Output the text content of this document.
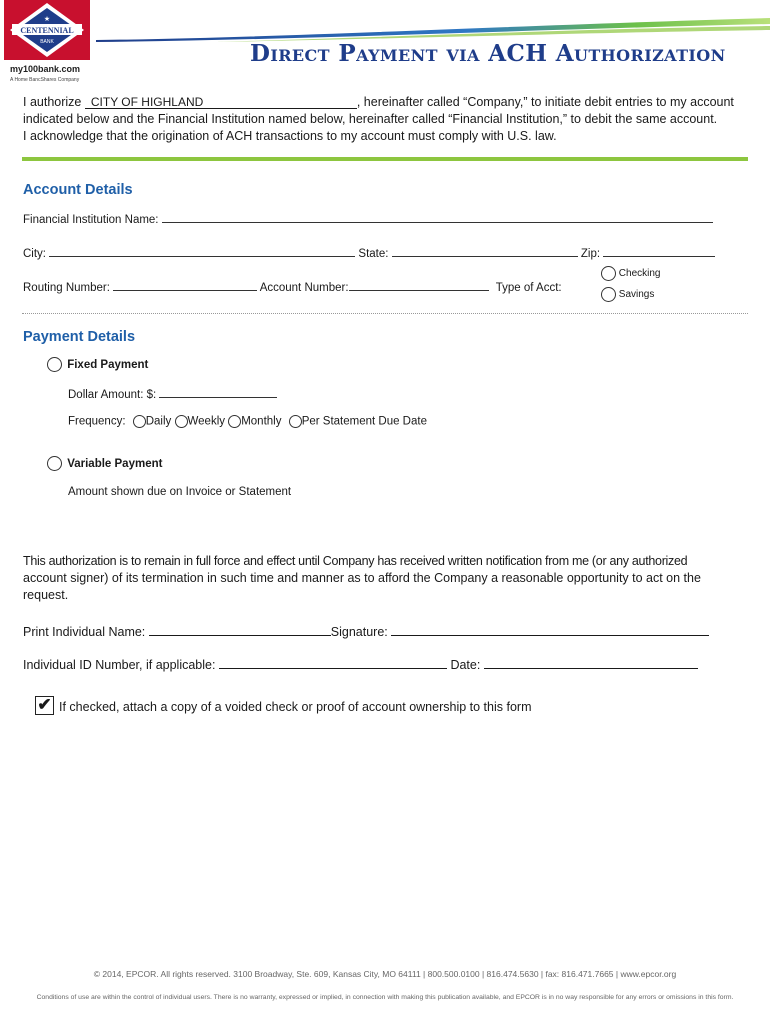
★
CENTENNIAL
BANK
my100bank.com
A Home BancShares Company
Direct Payment via ACH Authorization
I authorize CITY OF HIGHLAND	, hereinafter called “Company,” to initiate debit entries to my account
indicated below and the Financial Institution named below, hereinafter called “Financial Institution,” to debit the same account.
I acknowledge that the origination of ACH transactions to my account must comply with U.S. law.
Account Details
Financial Institution Name:
City:	State:	Zip:
Routing Number:	Account Number:	Type of Acct:
Checking
Savings
Payment Details
Fixed Payment
Dollar Amount: $:
Frequency: Daily Weekly Monthly Per Statement Due Date
Variable Payment
Amount shown due on Invoice or Statement
This authorization is to remain in full force and effect until Company has received written notification from me (or any authorized
account signer) of its termination in such time and manner as to afford the Company a reasonable opportunity to act on the
request.
Print Individual Name:	Signature:
Individual ID Number, if applicable:	Date:
✔ If checked, attach a copy of a voided check or proof of account ownership to this form
© 2014, EPCOR. All rights reserved. 3100 Broadway, Ste. 609, Kansas City, MO 64111 | 800.500.0100 | 816.474.5630 | fax: 816.471.7665 | www.epcor.org
Conditions of use are within the control of individual users. There is no warranty, expressed or implied, in connection with making this publication available, and EPCOR is in no way responsible for any errors or omissions in this form.
